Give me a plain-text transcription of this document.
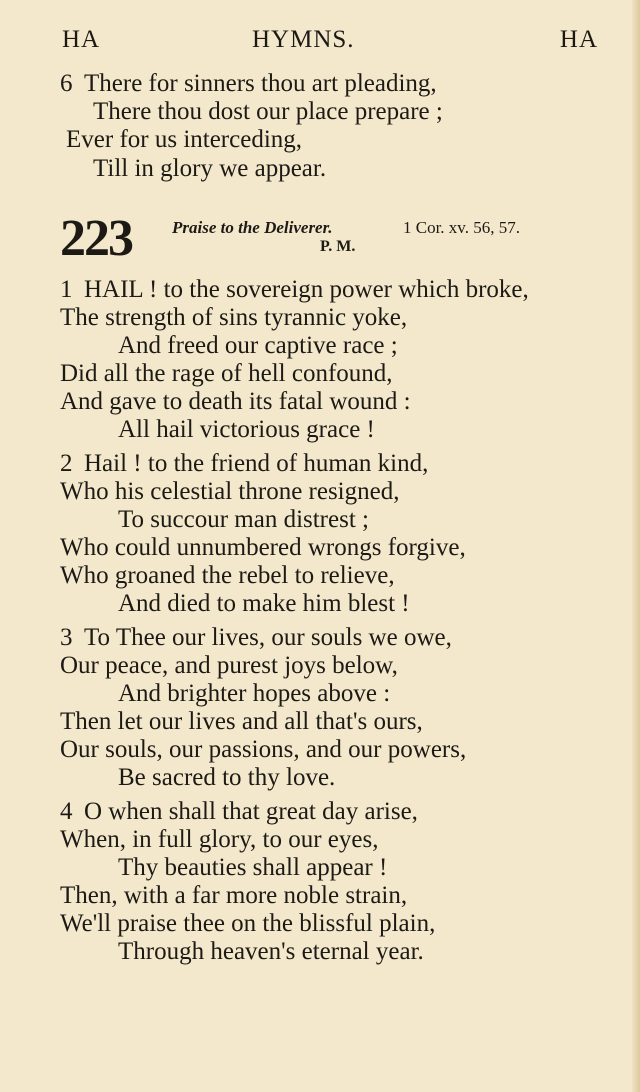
HA	HYMNS.	HA
6 There for sinners thou art pleading,
There thou dost our place prepare ;
Ever for us interceding,
Till in glory we appear.
223 Praise to the Deliverer.	1 Cor. xv. 56, 57.
P. M.
1 HAIL ! to the sovereign power which broke,
The strength of sins tyrannic yoke,
And freed our captive race ;
Did all the rage of hell confound,
And gave to death its fatal wound :
All hail victorious grace !
2 Hail ! to the friend of human kind,
Who his celestial throne resigned,
To succour man distrest ;
Who could unnumbered wrongs forgive,
Who groaned the rebel to relieve,
And died to make him blest !
3 To Thee our lives, our souls we owe,
Our peace, and purest joys below,
And brighter hopes above :
Then let our lives and all that's ours,
Our souls, our passions, and our powers,
Be sacred to thy love.
4 O when shall that great day arise,
When, in full glory, to our eyes,
Thy beauties shall appear !
Then, with a far more noble strain,
We'll praise thee on the blissful plain,
Through heaven's eternal year.
